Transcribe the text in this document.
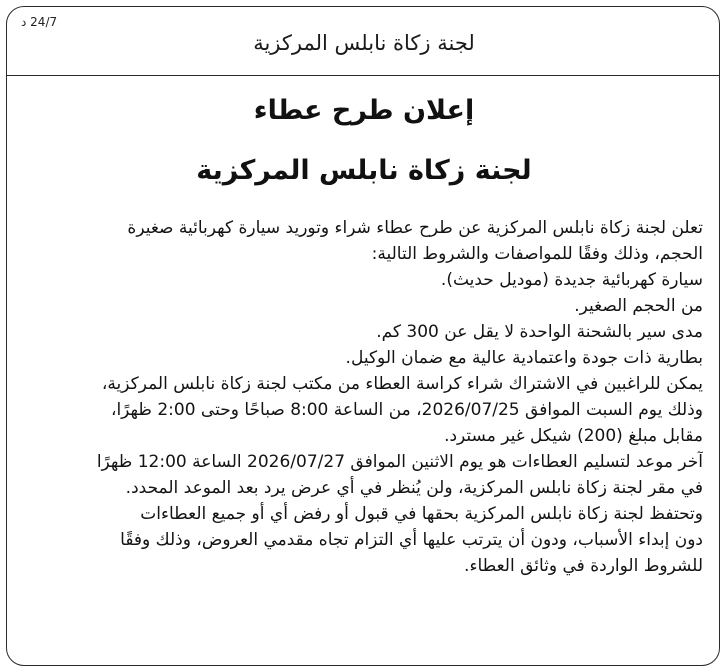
24/7 د
لجنة زكاة نابلس المركزية
إعلان طرح عطاء
لجنة زكاة نابلس المركزية
تعلن لجنة زكاة نابلس المركزية عن طرح عطاء شراء وتوريد سيارة كهربائية صغيرة
الحجم، وذلك وفقًا للمواصفات والشروط التالية:
سيارة كهربائية جديدة (موديل حديث).
من الحجم الصغير.
مدى سير بالشحنة الواحدة لا يقل عن 300 كم.
بطارية ذات جودة واعتمادية عالية مع ضمان الوكيل.
يمكن للراغبين في الاشتراك شراء كراسة العطاء من مكتب لجنة زكاة نابلس المركزية،
وذلك يوم السبت الموافق 2026/07/25، من الساعة 8:00 صباحًا وحتى 2:00 ظهرًا،
مقابل مبلغ (200) شيكل غير مسترد.
آخر موعد لتسليم العطاءات هو يوم الاثنين الموافق 2026/07/27 الساعة 12:00 ظهرًا
في مقر لجنة زكاة نابلس المركزية، ولن يُنظر في أي عرض يرد بعد الموعد المحدد.
وتحتفظ لجنة زكاة نابلس المركزية بحقها في قبول أو رفض أي أو جميع العطاءات
دون إبداء الأسباب، ودون أن يترتب عليها أي التزام تجاه مقدمي العروض، وذلك وفقًا
للشروط الواردة في وثائق العطاء.
